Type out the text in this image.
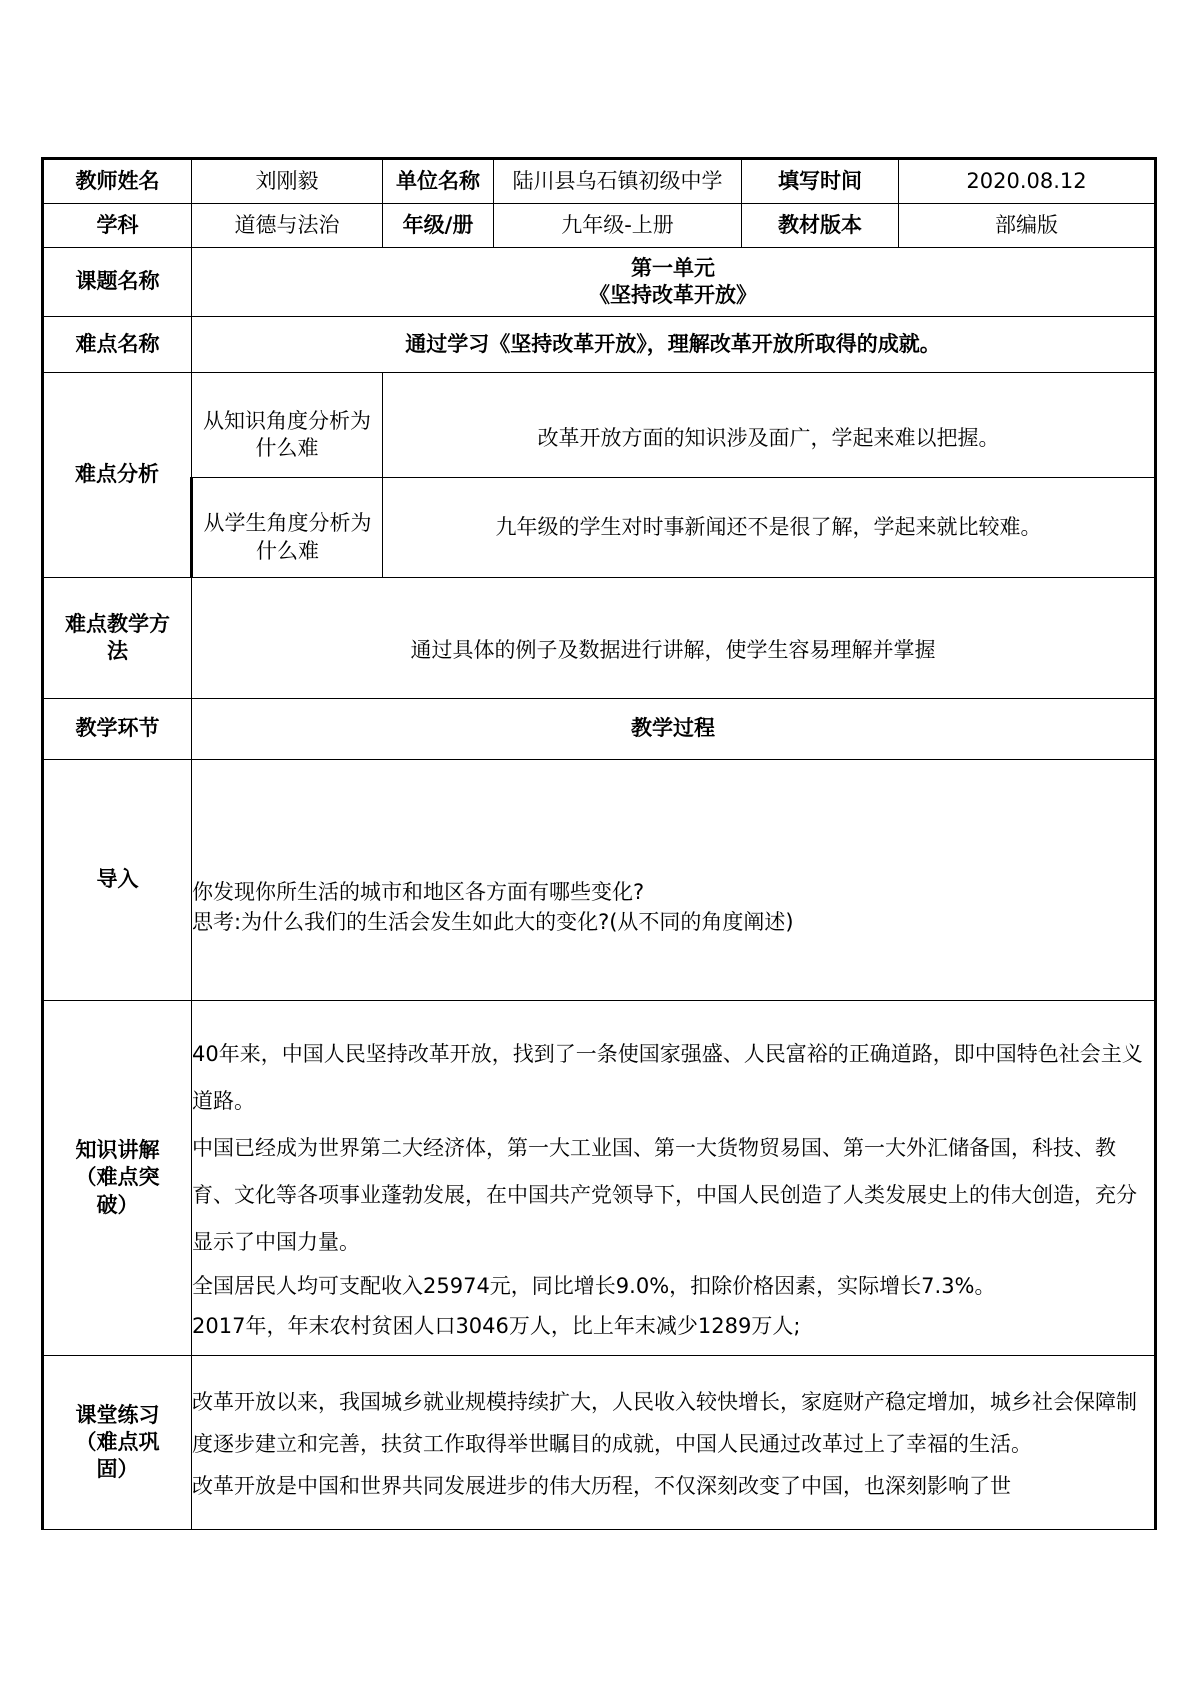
教师姓名	刘刚毅	单位名称	陆川县乌石镇初级中学	填写时间	2020.08.12
学科	道德与法治	年级/册	九年级-上册	教材版本	部编版
课题名称	第一单元
《坚持改革开放》				

难点名称	通过学习《坚持改革开放》，理解改革开放所取得的成就。				
难点分析	从知识角度分析为什么难	改革开放方面的知识涉及面广，学起来难以把握。			
	从学生角度分析为什么难	九年级的学生对时事新闻还不是很了解，学起来就比较难。			
难点教学方法	通过具体的例子及数据进行讲解，使学生容易理解并掌握				
教学环节	教学过程				
导入	你发现你所生活的城市和地区各方面有哪些变化?
思考:为什么我们的生活会发生如此大的变化?(从不同的角度阐述)				

知识讲解（难点突破）	40年来，中国人民坚持改革开放，找到了一条使国家强盛、人民富裕的正确道路，即中国特色社会主义道路。
中国已经成为世界第二大经济体，第一大工业国、第一大货物贸易国、第一大外汇储备国，科技、教育、文化等各项事业蓬勃发展，在中国共产党领导下，中国人民创造了人类发展史上的伟大创造，充分显示了中国力量。
全国居民人均可支配收入25974元，同比增长9.0%，扣除价格因素，实际增长7.3%。
2017年，年末农村贫困人口3046万人，比上年末减少1289万人;				

课堂练习（难点巩固）	改革开放以来，我国城乡就业规模持续扩大，人民收入较快增长，家庭财产稳定增加，城乡社会保障制度逐步建立和完善，扶贫工作取得举世瞩目的成就，中国人民通过改革过上了幸福的生活。
改革开放是中国和世界共同发展进步的伟大历程，不仅深刻改变了中国，也深刻影响了世				
